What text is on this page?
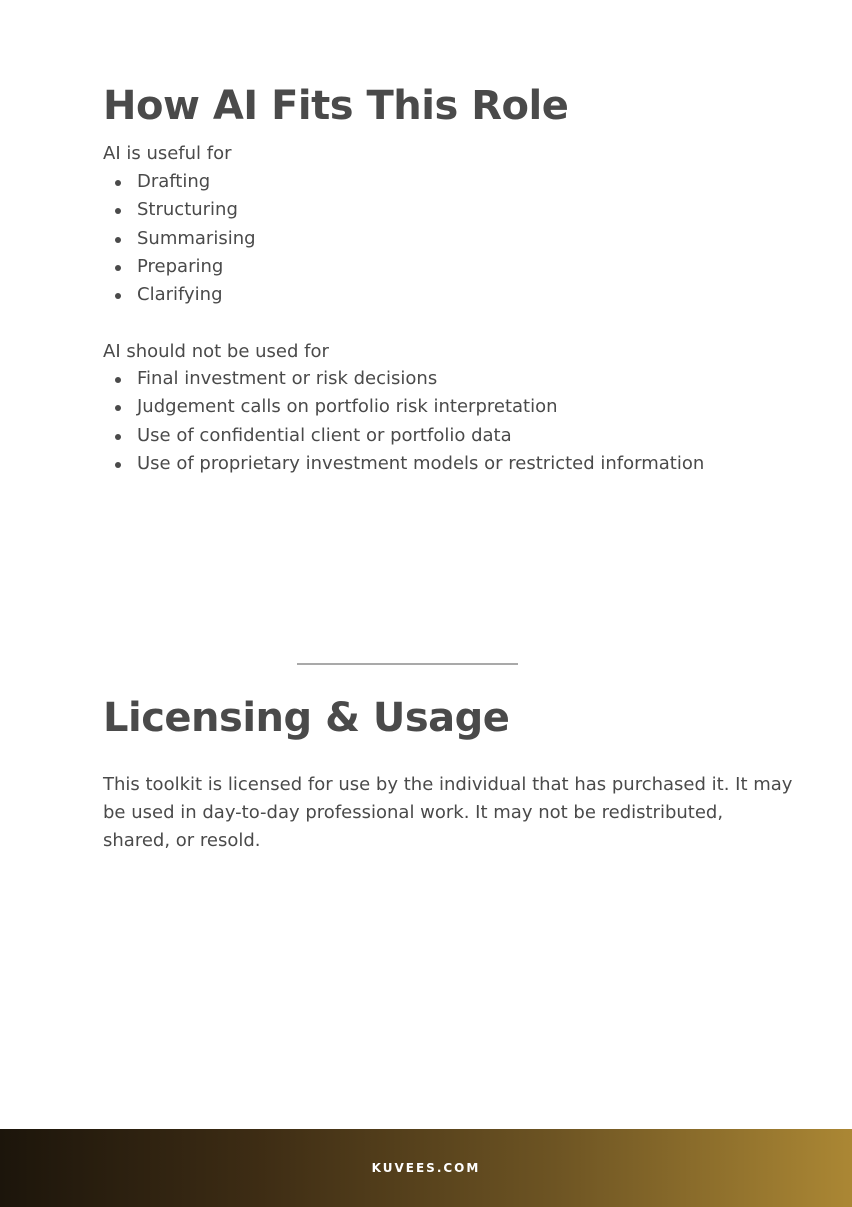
How AI Fits This Role

AI is useful for

Drafting
Structuring
Summarising
Preparing
Clarifying

AI should not be used for

Final investment or risk decisions
Judgement calls on portfolio risk interpretation
Use of confidential client or portfolio data
Use of proprietary investment models or restricted information
Licensing & Usage

This toolkit is licensed for use by the individual that has purchased it. It may be used in day-to-day professional work. It may not be redistributed, shared, or resold.

KUVEES.COM
